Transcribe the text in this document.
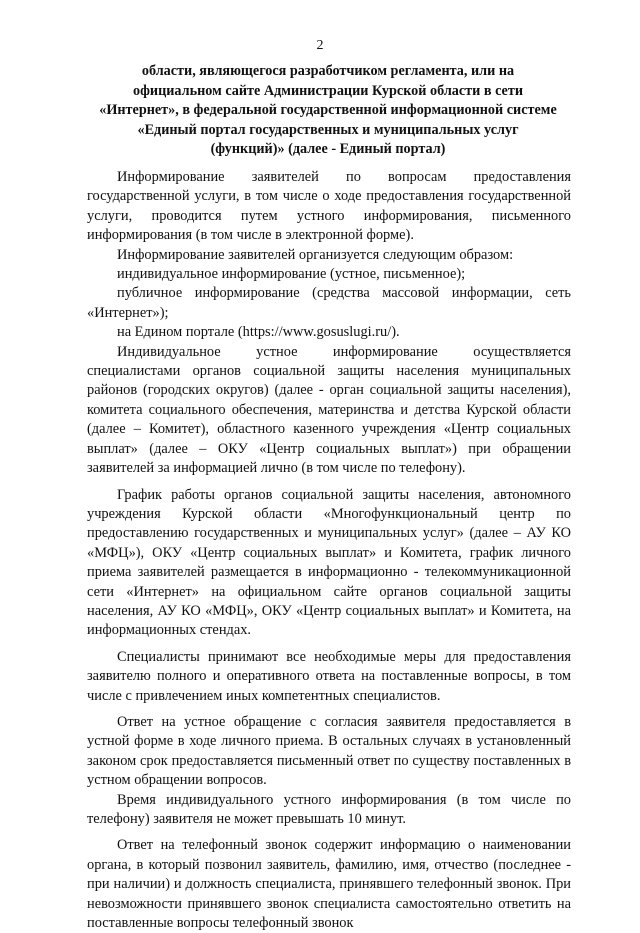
2
области, являющегося разработчиком регламента, или на
официальном сайте Администрации Курской области в сети
«Интернет», в федеральной государственной информационной системе
«Единый портал государственных и муниципальных услуг
(функций)» (далее - Единый портал)

Информирование заявителей по вопросам предоставления государственной услуги, в том числе о ходе предоставления государственной услуги, проводится путем устного информирования, письменного информирования (в том числе в электронной форме).

Информирование заявителей организуется следующим образом:

индивидуальное информирование (устное, письменное);

публичное информирование (средства массовой информации, сеть «Интернет»);

на Едином портале (https://www.gosuslugi.ru/).

Индивидуальное устное информирование осуществляется специалистами органов социальной защиты населения муниципальных районов (городских округов) (далее - орган социальной защиты населения), комитета социального обеспечения, материнства и детства Курской области (далее – Комитет), областного казенного учреждения «Центр социальных выплат» (далее – ОКУ «Центр социальных выплат») при обращении заявителей за информацией лично (в том числе по телефону).

График работы органов социальной защиты населения, автономного учреждения Курской области «Многофункциональный центр по предоставлению государственных и муниципальных услуг» (далее – АУ КО «МФЦ»), ОКУ «Центр социальных выплат» и Комитета, график личного приема заявителей размещается в информационно - телекоммуникационной сети «Интернет» на официальном сайте органов социальной защиты населения, АУ КО «МФЦ», ОКУ «Центр социальных выплат» и Комитета, на информационных стендах.

Специалисты принимают все необходимые меры для предоставления заявителю полного и оперативного ответа на поставленные вопросы, в том числе с привлечением иных компетентных специалистов.

Ответ на устное обращение с согласия заявителя предоставляется в устной форме в ходе личного приема. В остальных случаях в установленный законом срок предоставляется письменный ответ по существу поставленных в устном обращении вопросов.

Время индивидуального устного информирования (в том числе по телефону) заявителя не может превышать 10 минут.

Ответ на телефонный звонок содержит информацию о наименовании органа, в который позвонил заявитель, фамилию, имя, отчество (последнее - при наличии) и должность специалиста, принявшего телефонный звонок. При невозможности принявшего звонок специалиста самостоятельно ответить на поставленные вопросы телефонный звонок
